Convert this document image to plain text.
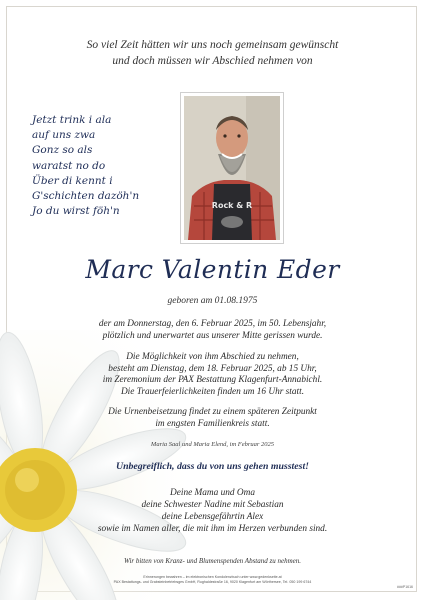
So viel Zeit hätten wir uns noch gemeinsam gewünscht
und doch müssen wir Abschied nehmen von
Jetzt trink i ala
auf uns zwa
Gonz so als
waratst no do
Über di kennt i
G'schichten dazöh'n
Jo du wirst föh'n	Rock & R
Marc Valentin Eder
geboren am 01.08.1975
der am Donnerstag, den 6. Februar 2025, im 50. Lebensjahr,
plötzlich und unerwartet aus unserer Mitte gerissen wurde.
Die Möglichkeit von ihm Abschied zu nehmen,
besteht am Dienstag, dem 18. Februar 2025, ab 15 Uhr,
im Zeremonium der PAX Bestattung Klagenfurt-Annabichl.
Die Trauerfeierlichkeiten finden um 16 Uhr statt.
Die Urnenbeisetzung findet zu einem späteren Zeitpunkt
im engsten Familienkreis statt.
Maria Saal und Maria Elend, im Februar 2025
Unbegreiflich, dass du von uns gehen musstest!
Deine Mama und Oma
deine Schwester Nadine mit Sebastian
deine Lebensgefährtin Alex
sowie im Namen aller, die mit ihm im Herzen verbunden sind.
Wir bitten von Kranz- und Blumenspenden Abstand zu nehmen.
Erinnerungen bewahren – im elektronischen Kondolenzbuch unter www.gedenkseite.at
PAX Bestattungs- und Grabsteinbetriebsges GmbH, Rughaldestraße 16, 9020 Klagenfurt am Wörthersee, Tel. 050 199 6744
###P1616
